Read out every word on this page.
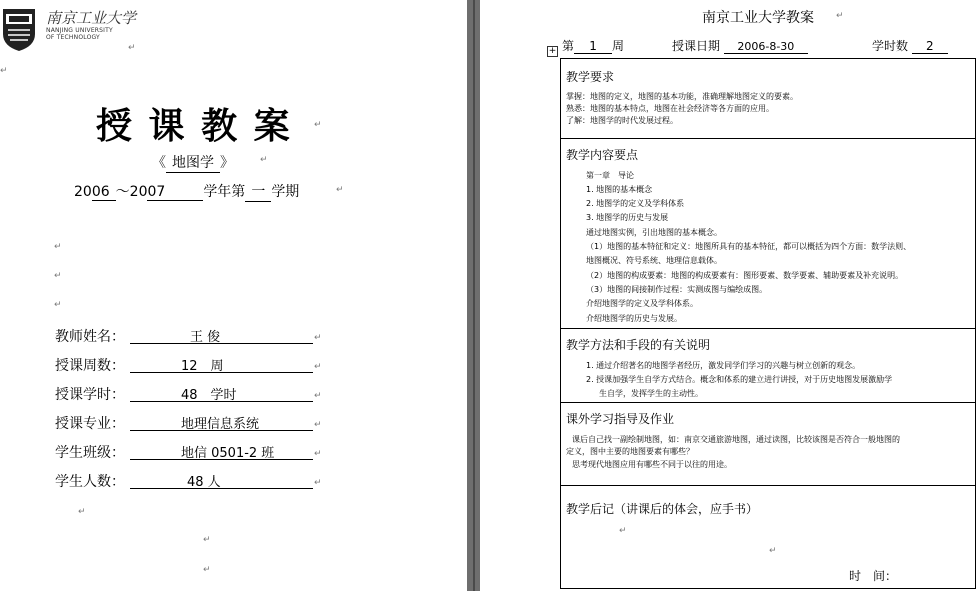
南京工业大学
NANJING UNIVERSITY
OF TECHNOLOGY
↵
↵
授 课 教 案 ↵
《 地图学 》	↵
2006 ～2007	学年第 一 学期	↵
↵
↵
↵
教师姓名：	王 俊
授课周数：	12　周
授课学时：	48　学时
授课专业：	地理信息系统
学生班级：	地信 0501-2 班
学生人数：	48 人
↵
↵
↵
↵
↵
↵
↵
↵
↵
南京工业大学教案 ↵
+ 第 1 周	授课日期 2006-8-30	学时数 2
教学要求
掌握：地图的定义，地图的基本功能，准确理解地图定义的要素。
熟悉：地图的基本特点，地图在社会经济等各方面的应用。
了解：地图学的时代发展过程。
教学内容要点
第一章　导论
1. 地图的基本概念
2. 地图学的定义及学科体系
3. 地图学的历史与发展
通过地图实例，引出地图的基本概念。
（1）地图的基本特征和定义：地图所具有的基本特征，都可以概括为四个方面：数学法则、
地图概况、符号系统、地理信息载体。
（2）地图的构成要素：地图的构成要素有：图形要素、数学要素、辅助要素及补充说明。
（3）地图的间接制作过程：实测成图与编绘成图。
介绍地图学的定义及学科体系。
介绍地图学的历史与发展。
教学方法和手段的有关说明
1. 通过介绍著名的地图学者经历，激发同学们学习的兴趣与树立创新的观念。
2. 授课加强学生自学方式结合。概念和体系的建立进行讲授，对于历史地图发展激励学
生自学，发挥学生的主动性。
课外学习指导及作业
课后自己找一副绘制地图，如：南京交通旅游地图，通过读图，比较该图是否符合一般地图的
定义，图中主要的地图要素有哪些？
思考现代地图应用有哪些不同于以往的用途。
教学后记（讲课后的体会，应手书）
↵
↵
时　间：
